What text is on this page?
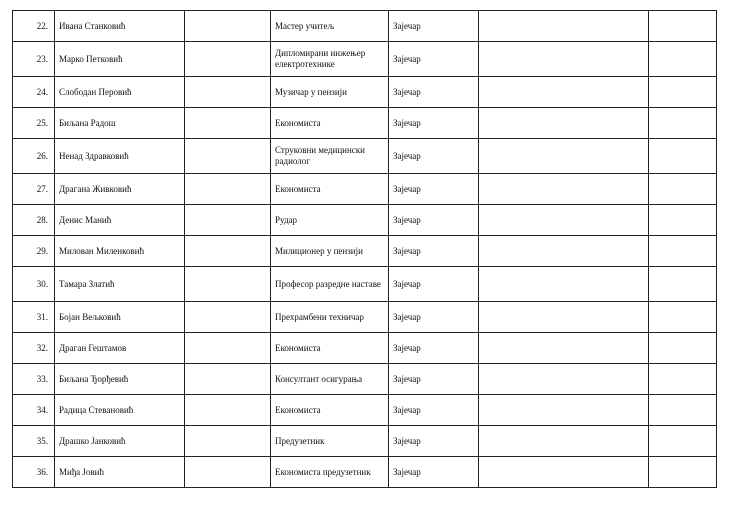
22.	Ивана Станковић		Мастер учитељ	Зајечар		
23.	Марко Петковић		Дипломирани инжењер електротехнике	Зајечар		
24.	Слободан Перовић		Музичар у пензији	Зајечар		
25.	Биљана Радош		Економиста	Зајечар		
26.	Ненад Здравковић		Струковни медицински радиолог	Зајечар		
27.	Драгана Живковић		Економиста	Зајечар		
28.	Денис Манић		Рудар	Зајечар		
29.	Милован Миленковић		Милиционер у пензији	Зајечар		
30.	Тамара Златић		Професор разредне наставе	Зајечар		
31.	Бојан Вељковић		Прехрамбени техничар	Зајечар		
32.	Драган Гештамов		Економиста	Зајечар		
33.	Биљана Ђорђевић		Консултант осигурања	Зајечар		
34.	Радица Стевановић		Економиста	Зајечар		
35.	Драшко Јанковић		Предузетник	Зајечар		
36.	Миђа Јовић		Економиста предузетник	Зајечар		
